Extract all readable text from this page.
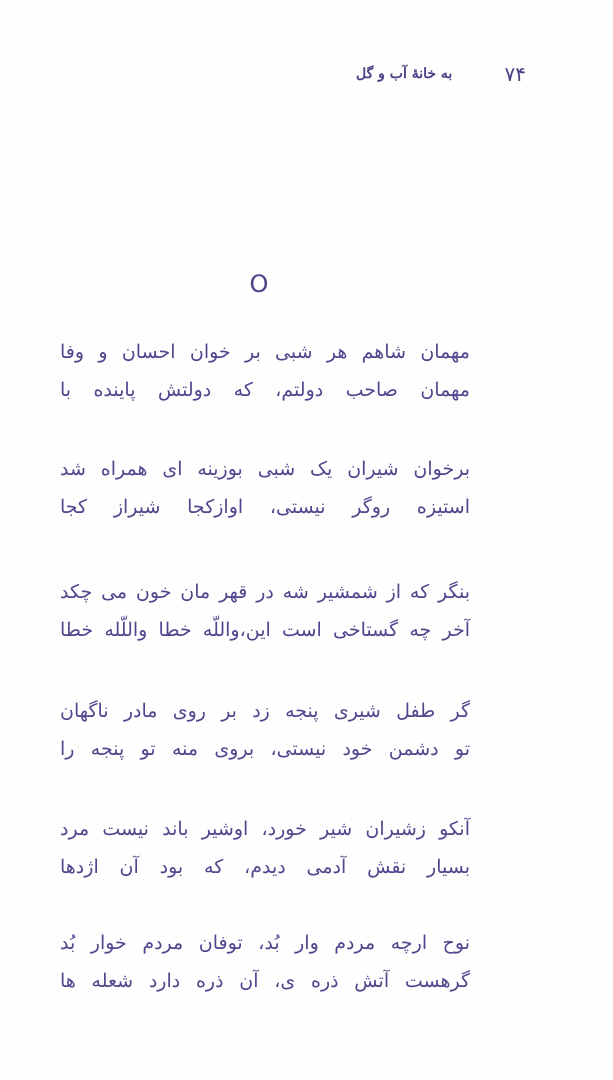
۷۴
به خانهٔ آب و گل
O
مهمان شاهم هر شبی بر خوان احسان و وفا
مهمان صاحب دولتم، که دولتش پاینده با
برخوان شیران یک شبی بوزینه ای همراه شد
استیزه روگر نیستی، اوازکجا شیراز کجا
بنگر که از شمشیر شه در قهر مان خون می چکد
آخر چه گستاخی است این،واللّه خطا واللّله خطا
گر طفل شیری پنجه زد بر روی مادر ناگهان
تو دشمن خود نیستی، بروی منه تو پنجه را
آنکو زشیران شیر خورد، اوشیر باند نیست مرد
بسیار نقش آدمی دیدم، که بود آن اژدها
نوح ارچه مردم وار بُد، توفان مردم خوار بُد
گرهست آتش ذره ی، آن ذره دارد شعله ها
